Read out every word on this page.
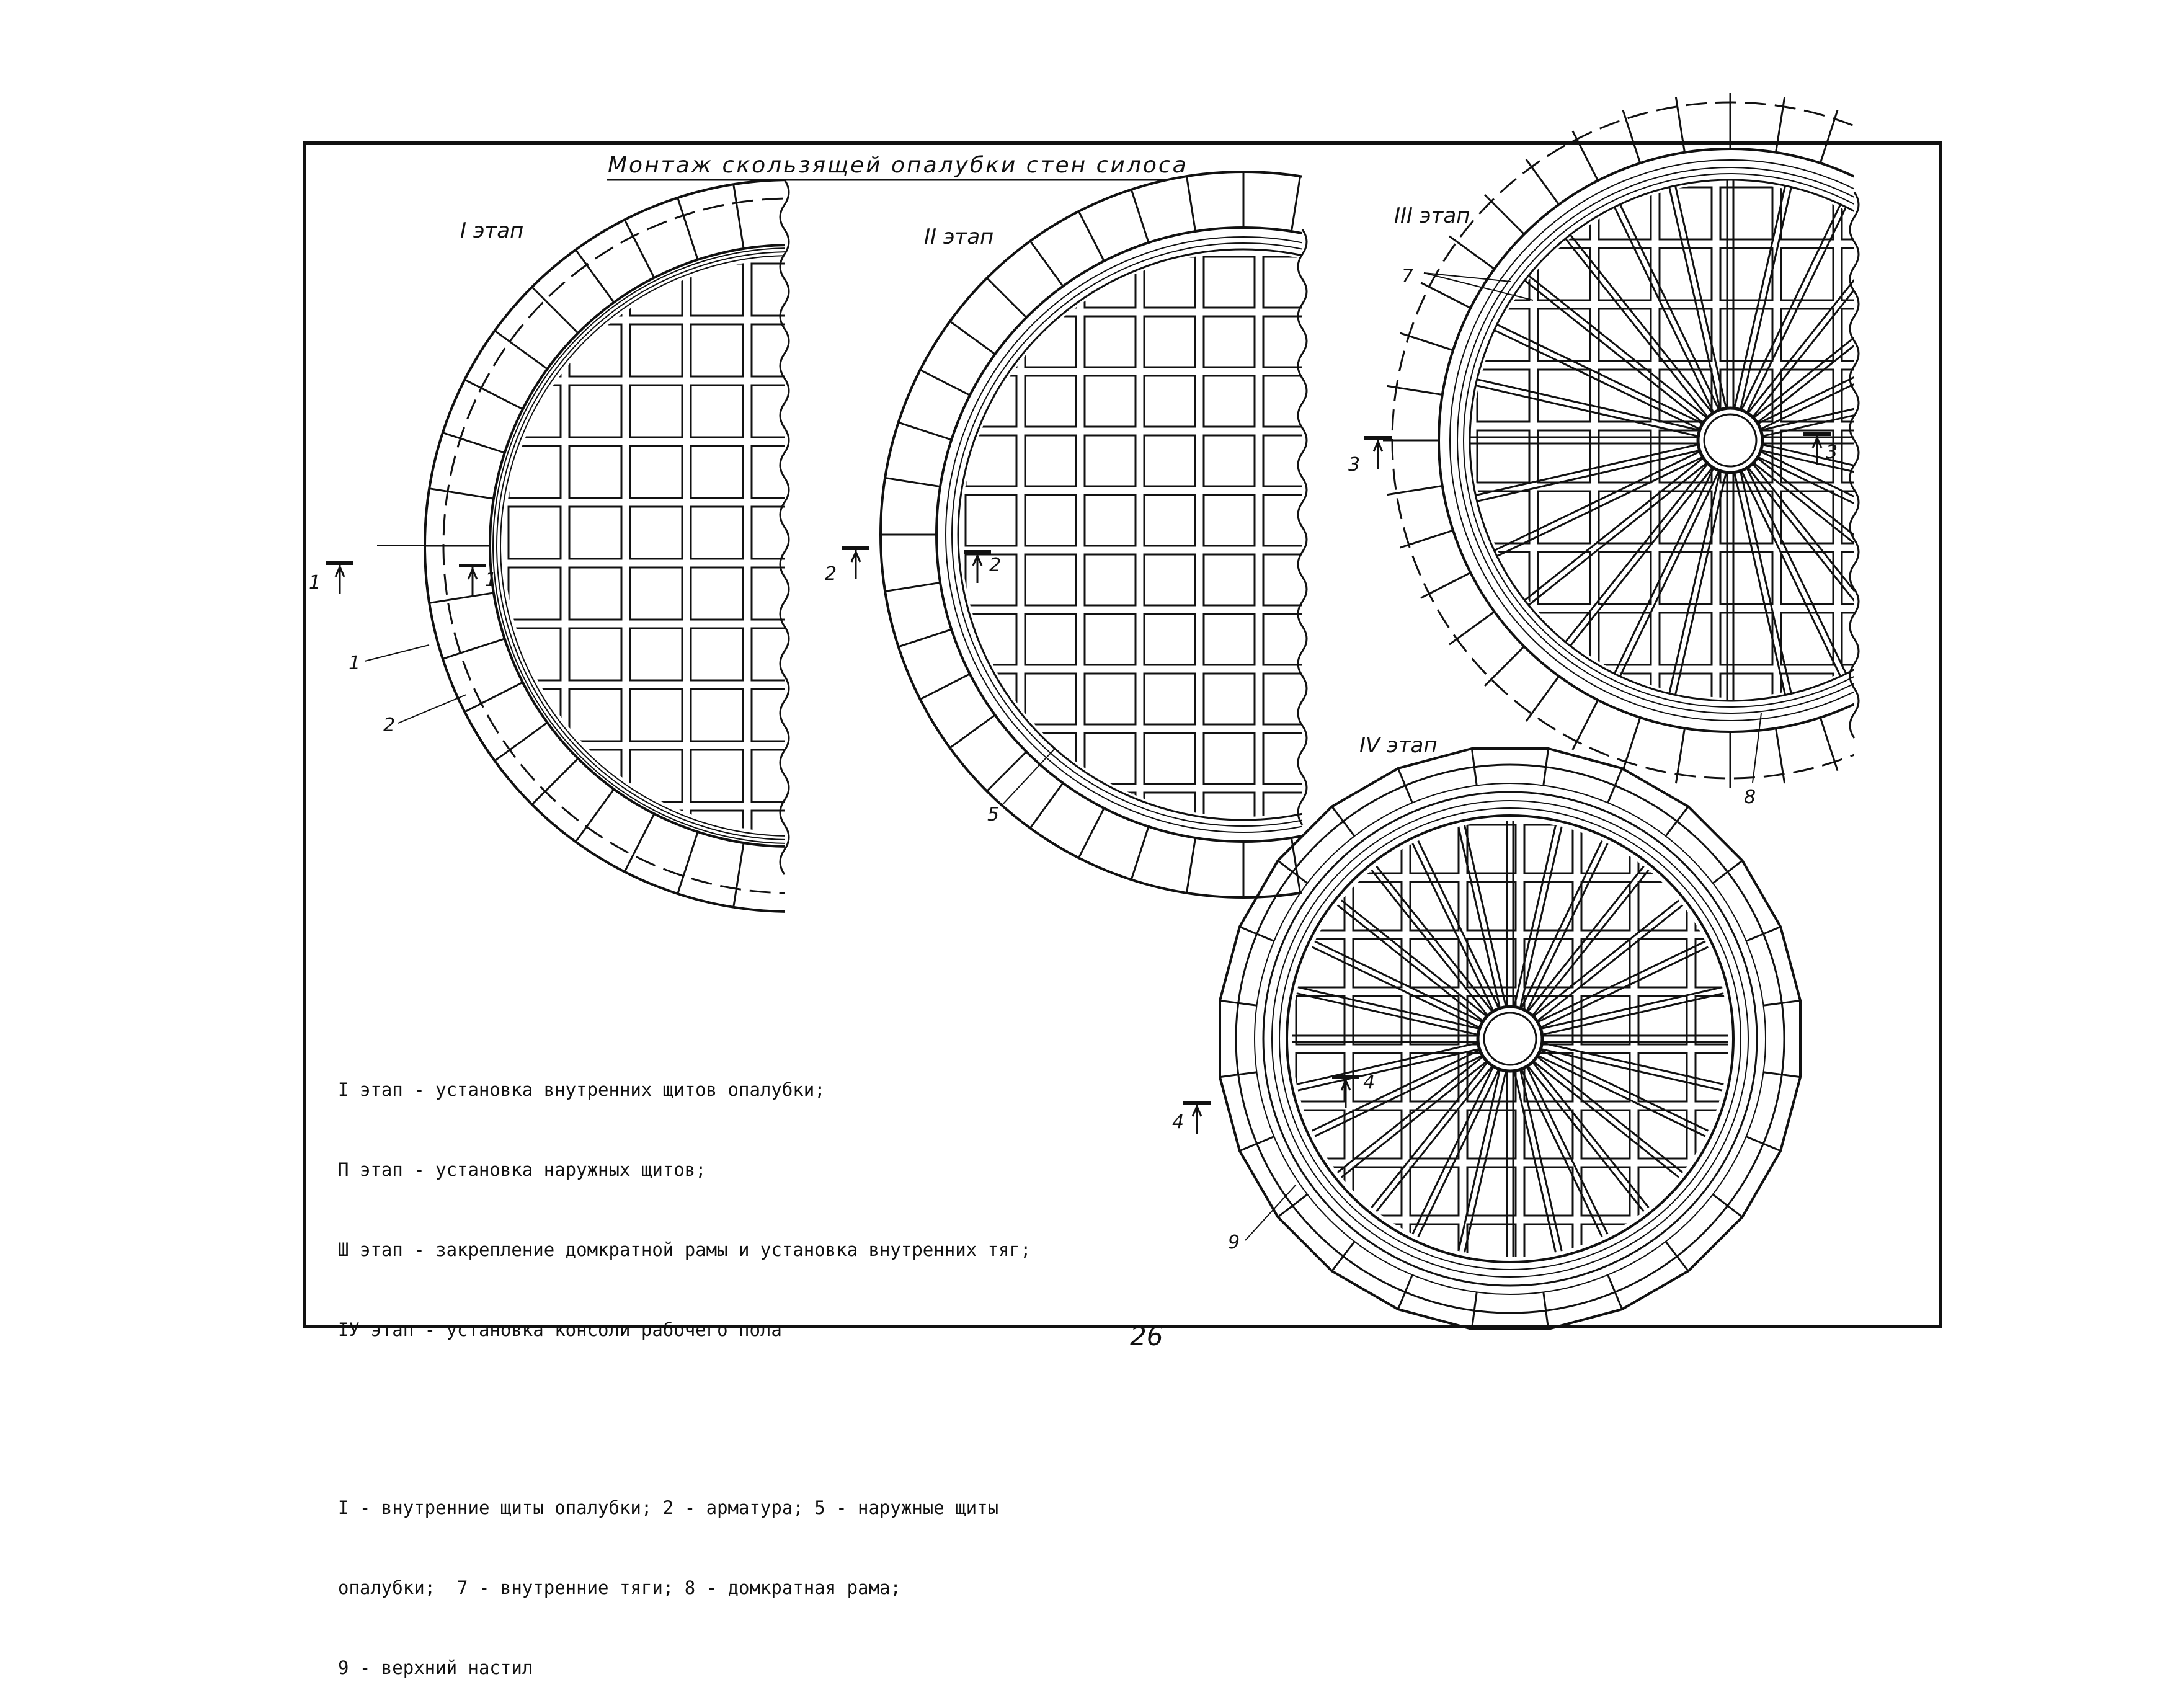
Монтаж скользящей опалубки стен силоса
I этап	II этап
III этап
IV этап
1	1	2	2
3
3
4
4
1
2
5
7
8
9

I этап - установка внутренних щитов опалубки;

П этап - установка наружных щитов;

Ш этап - закрепление домкратной рамы и установка внутренних тяг;

IУ этап - установка консоли рабочего пола

I - внутренние щиты опалубки; 2 - арматура; 5 - наружные щиты

опалубки;  7 - внутренние тяги; 8 - домкратная рама;

9 - верхний настил

26
